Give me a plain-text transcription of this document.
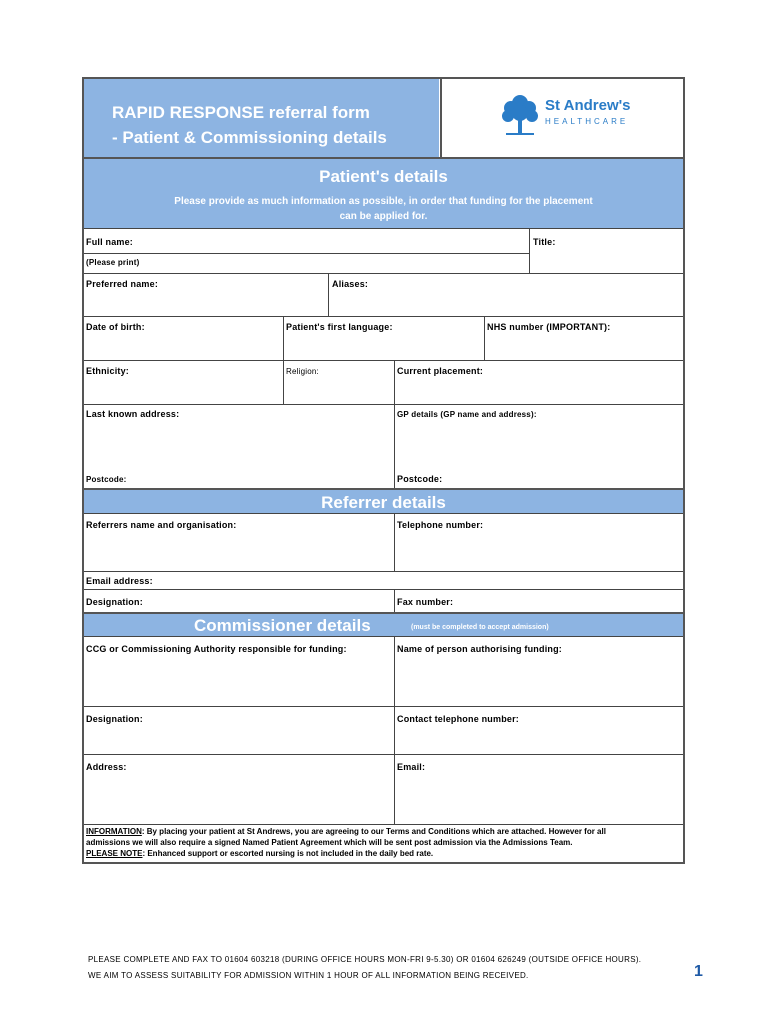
RAPID RESPONSE referral form
- Patient & Commissioning details
St Andrew's
HEALTHCARE
Patient's details
Please provide as much information as possible, in order that funding for the placement
can be applied for.
Full name:	Title:
(Please print)
Preferred name:	Aliases:
Date of birth:	Patient's first language:	NHS number (IMPORTANT):
Ethnicity:	Religion:	Current placement:
Last known address:	GP details (GP name and address):
Postcode:	Postcode:
Referrer details
Referrers name and organisation:	Telephone number:
Email address:
Designation:	Fax number:
Commissioner details	(must be completed to accept admission)
CCG or Commissioning Authority responsible for funding:	Name of person authorising funding:
Designation:	Contact telephone number:
Address:	Email:
INFORMATION: By placing your patient at St Andrews, you are agreeing to our Terms and Conditions which are attached. However for all
admissions we will also require a signed Named Patient Agreement which will be sent post admission via the Admissions Team.
PLEASE NOTE: Enhanced support or escorted nursing is not included in the daily bed rate.
PLEASE COMPLETE AND FAX TO 01604 603218 (DURING OFFICE HOURS MON-FRI 9-5.30) OR 01604 626249 (OUTSIDE OFFICE HOURS).
WE AIM TO ASSESS SUITABILITY FOR ADMISSION WITHIN 1 HOUR OF ALL INFORMATION BEING RECEIVED.	1
